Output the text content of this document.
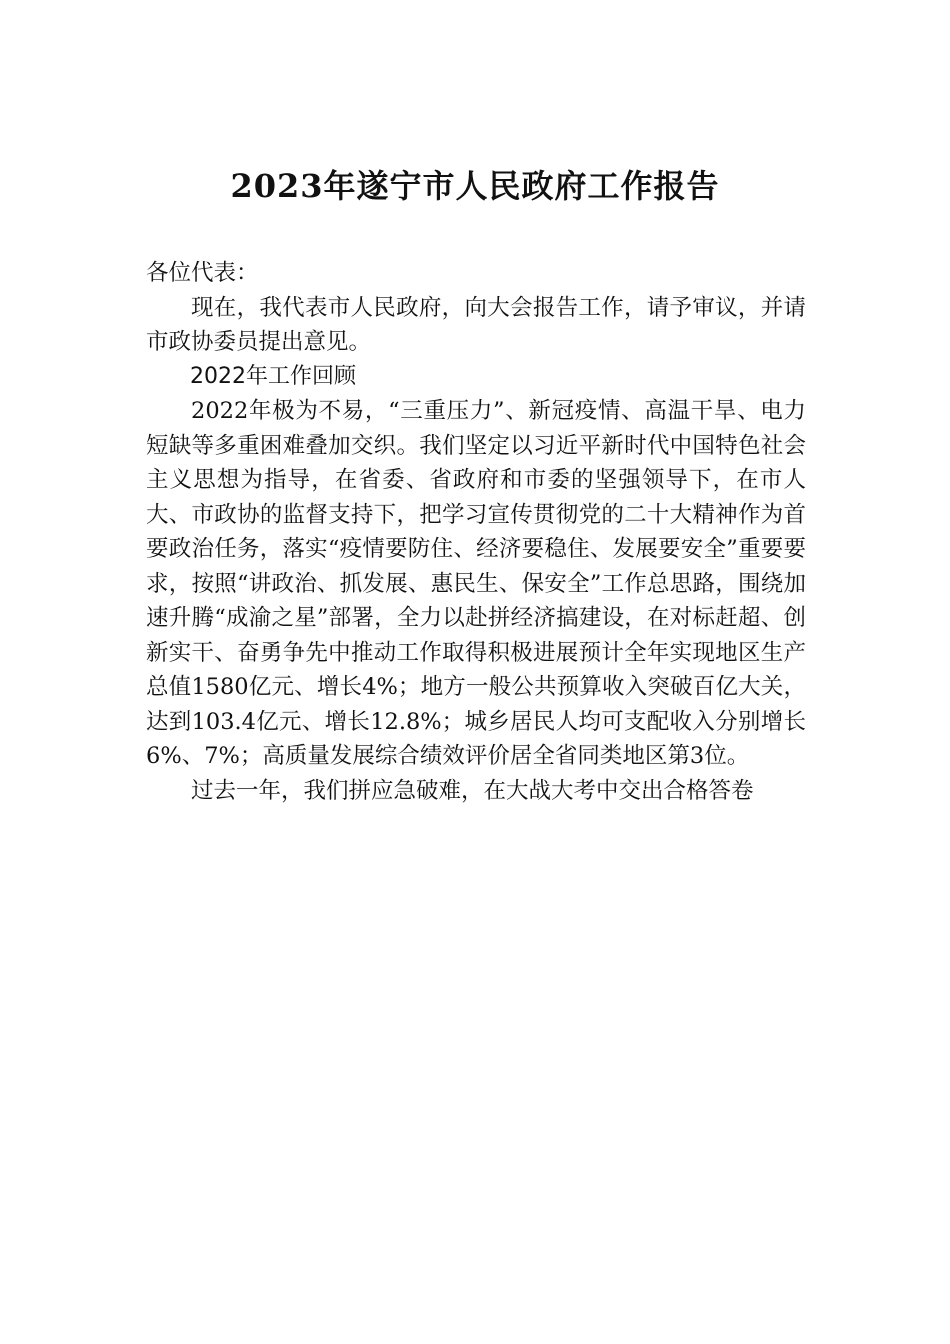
2023年遂宁市人民政府工作报告

各位代表：

现在，我代表市人民政府，向大会报告工作，请予审议，并请市政协委员提出意见。

2022年工作回顾

2022年极为不易，“三重压力”、新冠疫情、高温干旱、电力短缺等多重困难叠加交织。我们坚定以习近平新时代中国特色社会主义思想为指导，在省委、省政府和市委的坚强领导下，在市人大、市政协的监督支持下，把学习宣传贯彻党的二十大精神作为首要政治任务，落实“疫情要防住、经济要稳住、发展要安全”重要要求，按照“讲政治、抓发展、惠民生、保安全”工作总思路，围绕加速升腾“成渝之星”部署，全力以赴拼经济搞建设，在对标赶超、创新实干、奋勇争先中推动工作取得积极进展预计全年实现地区生产总值1580亿元、增长4%；地方一般公共预算收入突破百亿大关，达到103.4亿元、增长12.8%；城乡居民人均可支配收入分别增长6%、7%；高质量发展综合绩效评价居全省同类地区第3位。

过去一年，我们拼应急破难，在大战大考中交出合格答卷
